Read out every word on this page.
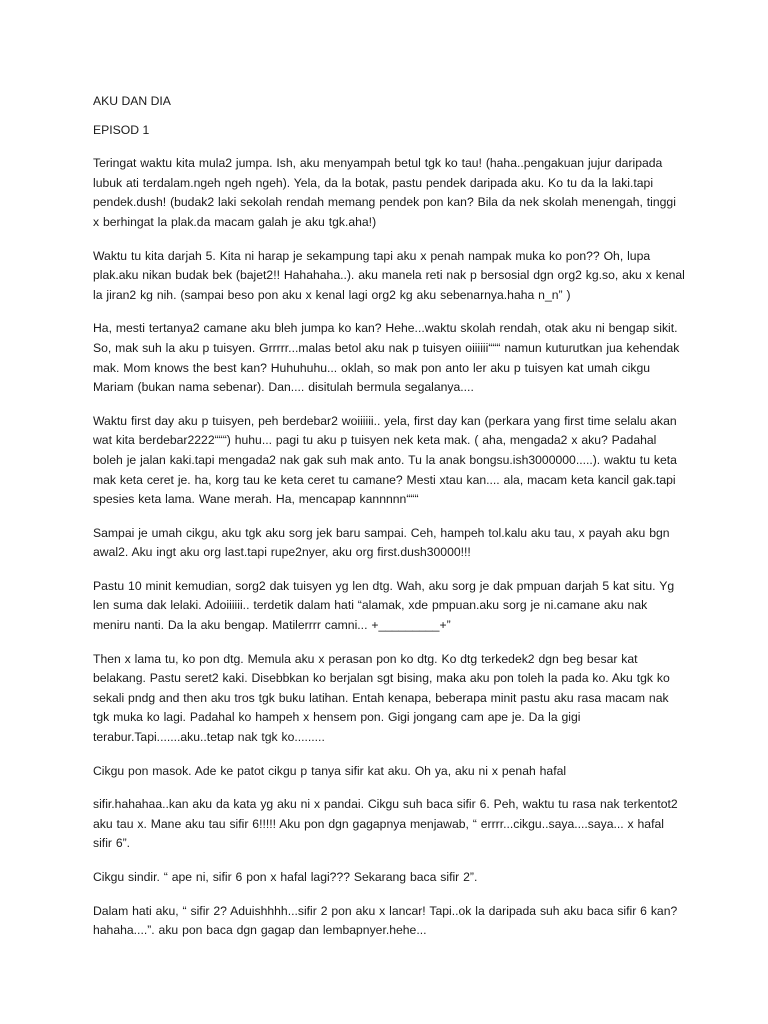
AKU DAN DIA
EPISOD 1

Teringat waktu kita mula2 jumpa. Ish, aku menyampah betul tgk ko tau! (haha..pengakuan jujur daripada lubuk ati terdalam.ngeh ngeh ngeh). Yela, da la botak, pastu pendek daripada aku. Ko tu da la laki.tapi pendek.dush! (budak2 laki sekolah rendah memang pendek pon kan? Bila da nek skolah menengah, tinggi x berhingat la plak.da macam galah je aku tgk.aha!)

Waktu tu kita darjah 5. Kita ni harap je sekampung tapi aku x penah nampak muka ko pon?? Oh, lupa plak.aku nikan budak bek (bajet2!! Hahahaha..). aku manela reti nak p bersosial dgn org2 kg.so, aku x kenal la jiran2 kg nih. (sampai beso pon aku x kenal lagi org2 kg aku sebenarnya.haha n_n” )

Ha, mesti tertanya2 camane aku bleh jumpa ko kan? Hehe...waktu skolah rendah, otak aku ni bengap sikit. So, mak suh la aku p tuisyen. Grrrrr...malas betol aku nak p tuisyen oiiiiii“““ namun kuturutkan jua kehendak mak. Mom knows the best kan? Huhuhuhu... oklah, so mak pon anto ler aku p tuisyen kat umah cikgu Mariam (bukan nama sebenar). Dan.... disitulah bermula segalanya....

Waktu first day aku p tuisyen, peh berdebar2 woiiiiii.. yela, first day kan (perkara yang first time selalu akan wat kita berdebar2222“““) huhu... pagi tu aku p tuisyen nek keta mak. ( aha, mengada2 x aku? Padahal boleh je jalan kaki.tapi mengada2 nak gak suh mak anto. Tu la anak bongsu.ish3000000.....). waktu tu keta mak keta ceret je. ha, korg tau ke keta ceret tu camane? Mesti xtau kan.... ala, macam keta kancil gak.tapi spesies keta lama. Wane merah. Ha, mencapap kannnnn“““

Sampai je umah cikgu, aku tgk aku sorg jek baru sampai. Ceh, hampeh tol.kalu aku tau, x payah aku bgn awal2. Aku ingt aku org last.tapi rupe2nyer, aku org first.dush30000!!!

Pastu 10 minit kemudian, sorg2 dak tuisyen yg len dtg. Wah, aku sorg je dak pmpuan darjah 5 kat situ. Yg len suma dak lelaki. Adoiiiiii.. terdetik dalam hati “alamak, xde pmpuan.aku sorg je ni.camane aku nak meniru nanti. Da la aku bengap. Matilerrrr camni... +_________+”

Then x lama tu, ko pon dtg. Memula aku x perasan pon ko dtg. Ko dtg terkedek2 dgn beg besar kat belakang. Pastu seret2 kaki. Disebbkan ko berjalan sgt bising, maka aku pon toleh la pada ko. Aku tgk ko sekali pndg and then aku tros tgk buku latihan. Entah kenapa, beberapa minit pastu aku rasa macam nak tgk muka ko lagi. Padahal ko hampeh x hensem pon. Gigi jongang cam ape je. Da la gigi terabur.Tapi.......aku..tetap nak tgk ko.........

Cikgu pon masok. Ade ke patot cikgu p tanya sifir kat aku. Oh ya, aku ni x penah hafal

sifir.hahahaa..kan aku da kata yg aku ni x pandai. Cikgu suh baca sifir 6. Peh, waktu tu rasa nak terkentot2 aku tau x. Mane aku tau sifir 6!!!!! Aku pon dgn gagapnya menjawab, “ errrr...cikgu..saya....saya... x hafal sifir 6”.

Cikgu sindir. “ ape ni, sifir 6 pon x hafal lagi??? Sekarang baca sifir 2”.

Dalam hati aku, “ sifir 2? Aduishhhh...sifir 2 pon aku x lancar! Tapi..ok la daripada suh aku baca sifir 6 kan?hahaha....”. aku pon baca dgn gagap dan lembapnyer.hehe...
